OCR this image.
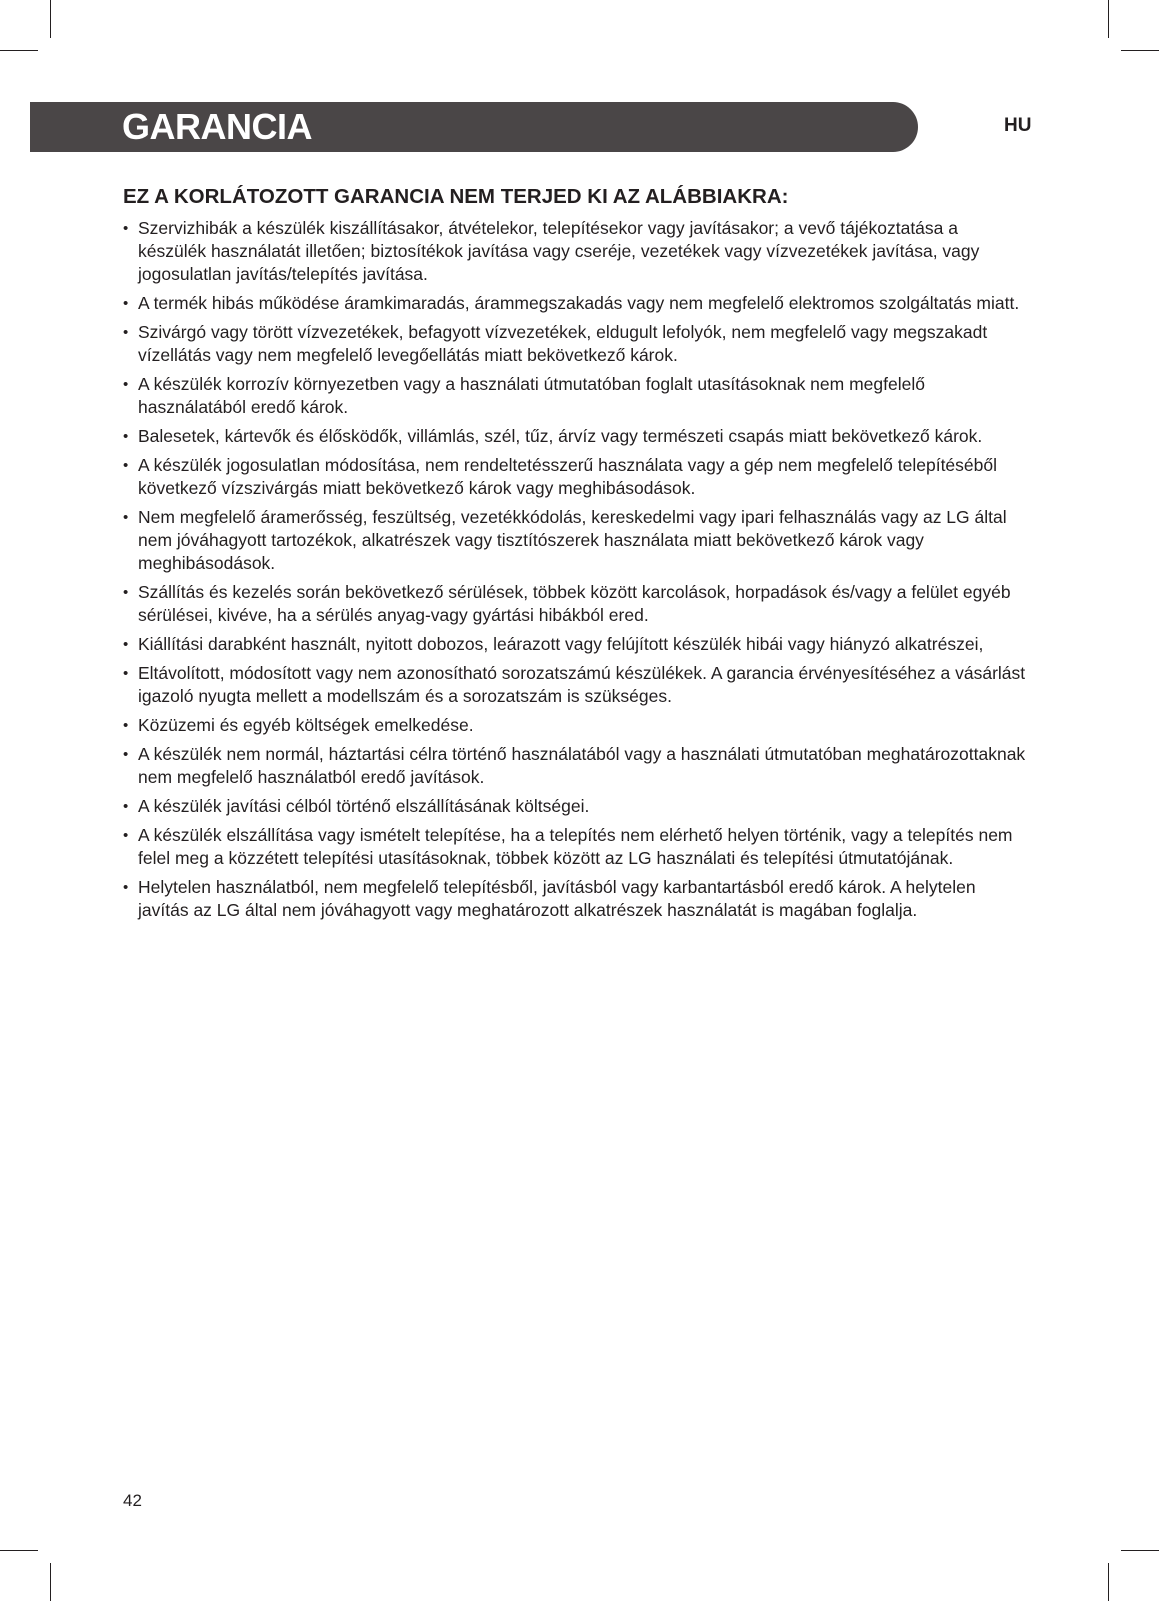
GARANCIA	HU
EZ A KORLÁTOZOTT GARANCIA NEM TERJED KI AZ ALÁBBIAKRA:
• Szervizhibák a készülék kiszállításakor, átvételekor, telepítésekor vagy javításakor; a vevő tájékoztatása a készülék használatát illetően; biztosítékok javítása vagy cseréje, vezetékek vagy vízvezetékek javítása, vagy jogosulatlan javítás/telepítés javítása.
• A termék hibás működése áramkimaradás, árammegszakadás vagy nem megfelelő elektromos szolgáltatás miatt.
• Szivárgó vagy törött vízvezetékek, befagyott vízvezetékek, eldugult lefolyók, nem megfelelő vagy megszakadt vízellátás vagy nem megfelelő levegőellátás miatt bekövetkező károk.
• A készülék korrozív környezetben vagy a használati útmutatóban foglalt utasításoknak nem megfelelő használatából eredő károk.
• Balesetek, kártevők és élősködők, villámlás, szél, tűz, árvíz vagy természeti csapás miatt bekövetkező károk.
• A készülék jogosulatlan módosítása, nem rendeltetésszerű használata vagy a gép nem megfelelő telepítéséből következő vízszivárgás miatt bekövetkező károk vagy meghibásodások.
• Nem megfelelő áramerősség, feszültség, vezetékkódolás, kereskedelmi vagy ipari felhasználás vagy az LG által nem jóváhagyott tartozékok, alkatrészek vagy tisztítószerek használata miatt bekövetkező károk vagy meghibásodások.
• Szállítás és kezelés során bekövetkező sérülések, többek között karcolások, horpadások és/vagy a felület egyéb sérülései, kivéve, ha a sérülés anyag-vagy gyártási hibákból ered.
• Kiállítási darabként használt, nyitott dobozos, leárazott vagy felújított készülék hibái vagy hiányzó alkatrészei,
• Eltávolított, módosított vagy nem azonosítható sorozatszámú készülékek. A garancia érvényesítéséhez a vásárlást igazoló nyugta mellett a modellszám és a sorozatszám is szükséges.
• Közüzemi és egyéb költségek emelkedése.
• A készülék nem normál, háztartási célra történő használatából vagy a használati útmutatóban meghatározottaknak nem megfelelő használatból eredő javítások.
• A készülék javítási célból történő elszállításának költségei.
• A készülék elszállítása vagy ismételt telepítése, ha a telepítés nem elérhető helyen történik, vagy a telepítés nem felel meg a közzétett telepítési utasításoknak, többek között az LG használati és telepítési útmutatójának.
• Helytelen használatból, nem megfelelő telepítésből, javításból vagy karbantartásból eredő károk. A helytelen javítás az LG által nem jóváhagyott vagy meghatározott alkatrészek használatát is magában foglalja.
42
